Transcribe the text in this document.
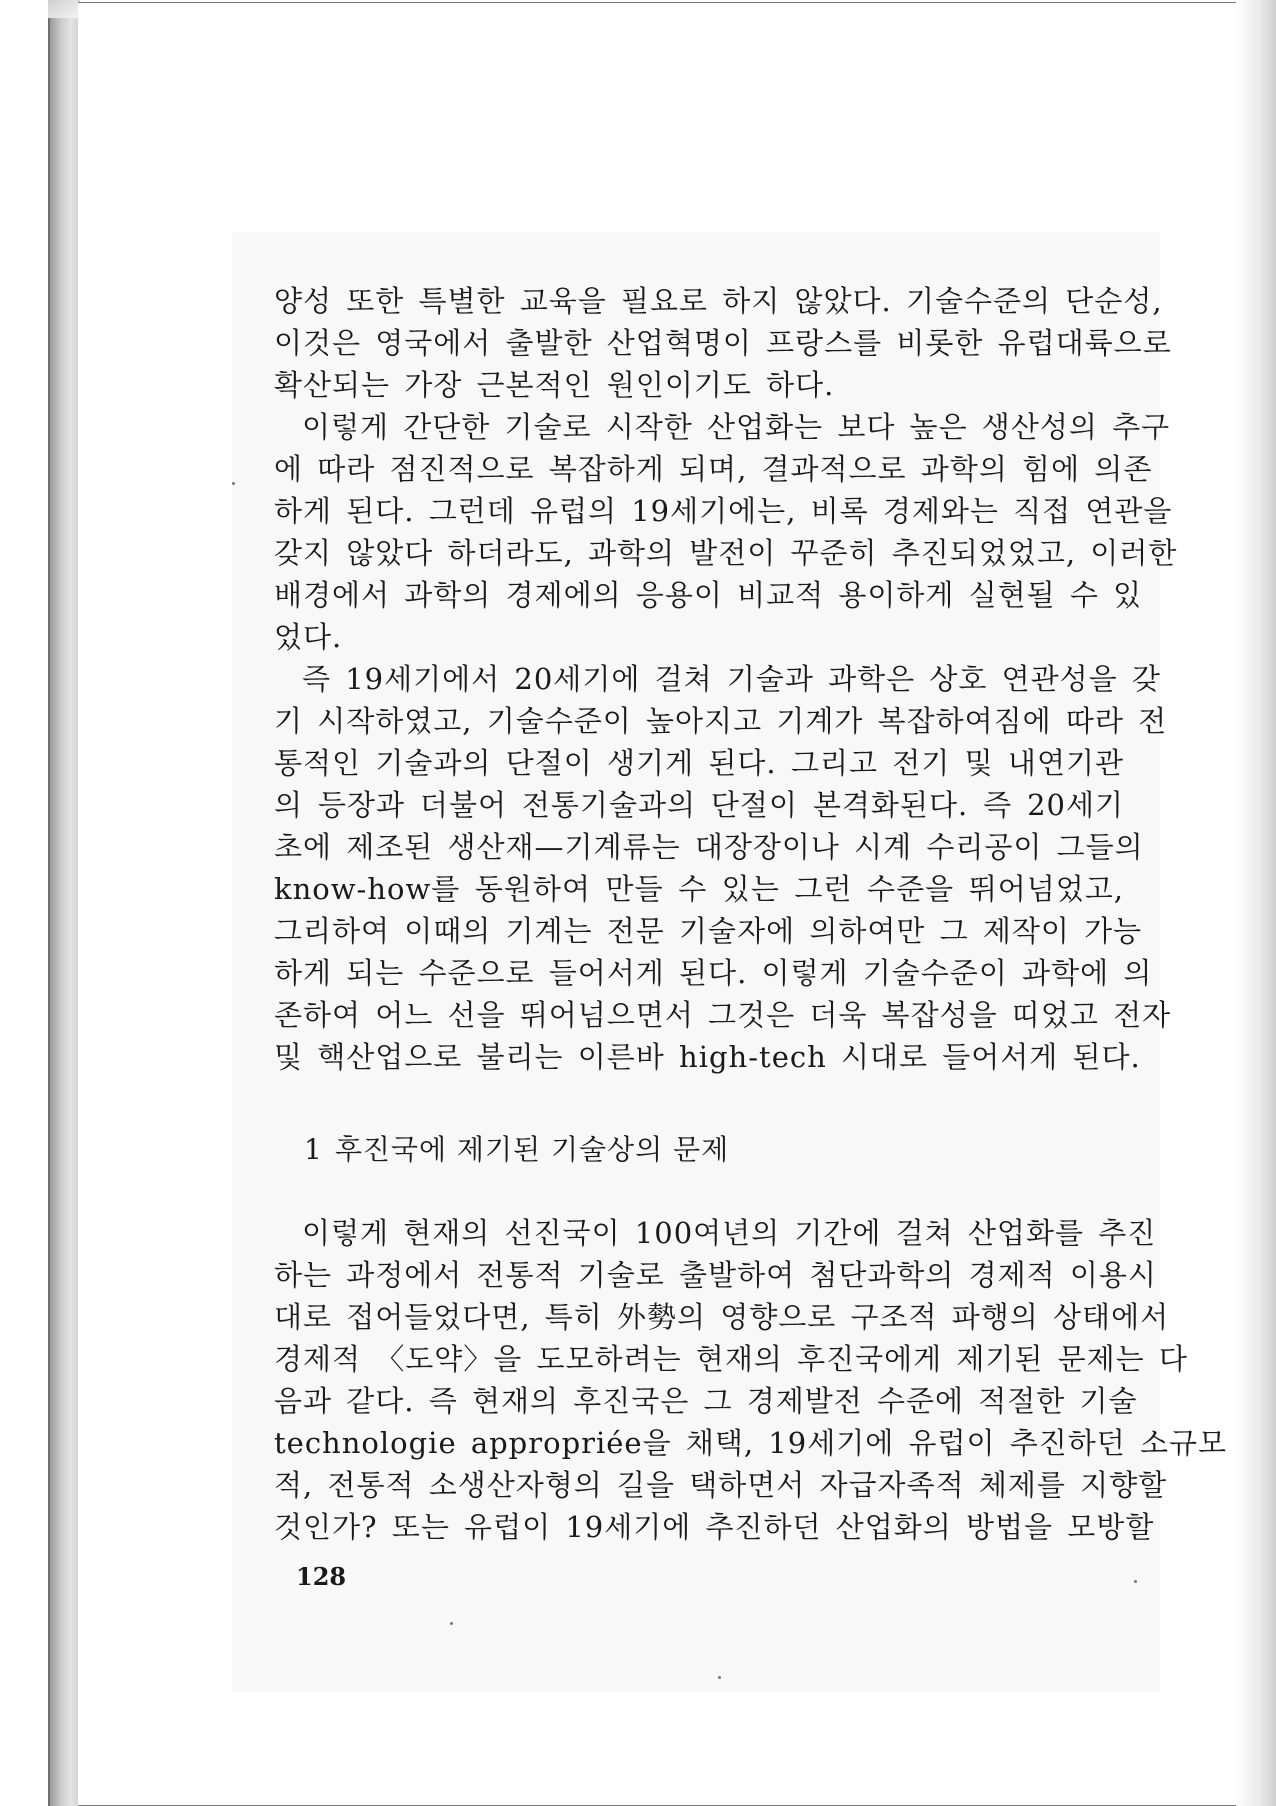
양성 또한 특별한 교육을 필요로 하지 않았다. 기술수준의 단순성,
이것은 영국에서 출발한 산업혁명이 프랑스를 비롯한 유럽대륙으로
확산되는 가장 근본적인 원인이기도 하다.
이렇게 간단한 기술로 시작한 산업화는 보다 높은 생산성의 추구
에 따라 점진적으로 복잡하게 되며, 결과적으로 과학의 힘에 의존
하게 된다. 그런데 유럽의 19세기에는, 비록 경제와는 직접 연관을
갖지 않았다 하더라도, 과학의 발전이 꾸준히 추진되었었고, 이러한
배경에서 과학의 경제에의 응용이 비교적 용이하게 실현될 수 있
었다.
즉 19세기에서 20세기에 걸쳐 기술과 과학은 상호 연관성을 갖
기 시작하였고, 기술수준이 높아지고 기계가 복잡하여짐에 따라 전
통적인 기술과의 단절이 생기게 된다. 그리고 전기 및 내연기관
의 등장과 더불어 전통기술과의 단절이 본격화된다. 즉 20세기
초에 제조된 생산재—기계류는 대장장이나 시계 수리공이 그들의
know-how를 동원하여 만들 수 있는 그런 수준을 뛰어넘었고,
그리하여 이때의 기계는 전문 기술자에 의하여만 그 제작이 가능
하게 되는 수준으로 들어서게 된다. 이렇게 기술수준이 과학에 의
존하여 어느 선을 뛰어넘으면서 그것은 더욱 복잡성을 띠었고 전자
및 핵산업으로 불리는 이른바 high-tech 시대로 들어서게 된다.
1 후진국에 제기된 기술상의 문제
이렇게 현재의 선진국이 100여년의 기간에 걸쳐 산업화를 추진
하는 과정에서 전통적 기술로 출발하여 첨단과학의 경제적 이용시
대로 접어들었다면, 특히 外勢의 영향으로 구조적 파행의 상태에서
경제적 〈도약〉을 도모하려는 현재의 후진국에게 제기된 문제는 다
음과 같다. 즉 현재의 후진국은 그 경제발전 수준에 적절한 기술
technologie appropriée을 채택, 19세기에 유럽이 추진하던 소규모
적, 전통적 소생산자형의 길을 택하면서 자급자족적 체제를 지향할
것인가? 또는 유럽이 19세기에 추진하던 산업화의 방법을 모방할
128
